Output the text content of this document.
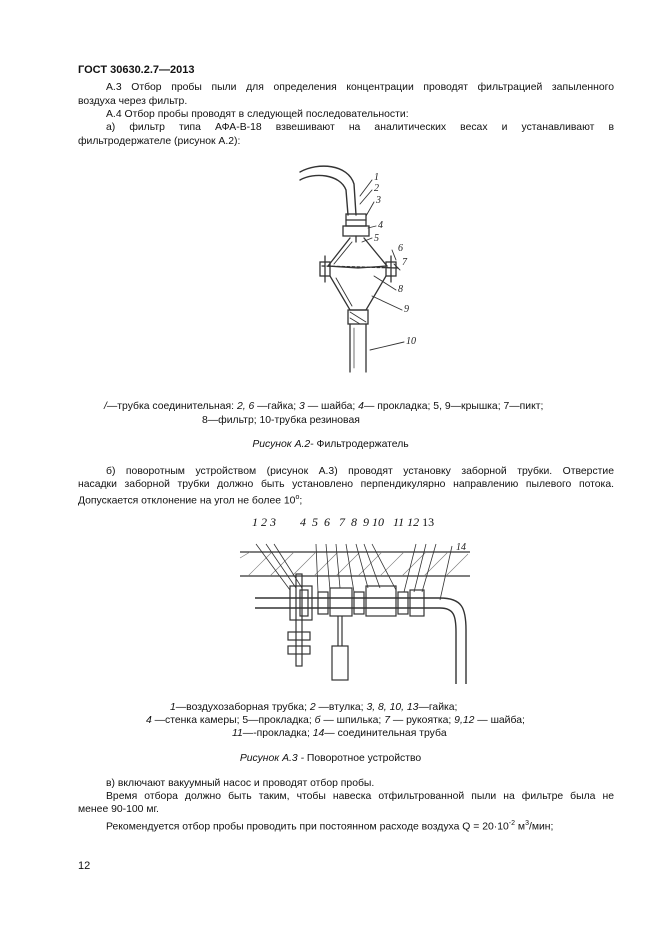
ГОСТ 30630.2.7—2013
А.3 Отбор пробы пыли для определения концентрации проводят фильтрацией запыленного
воздуха через фильтр.
А.4 Отбор пробы проводят в следующей последовательности:
а) фильтр типа АФА-В-18 взвешивают на аналитических весах и устанавливают в
фильтродержателе (рисунок А.2):
1
2
3
4
5
6
7
8
9
10
/—трубка соединительная: 2, 6 —гайка; 3 — шайба; 4— прокладка; 5, 9—крышка; 7—пикт;
8—фильтр; 10-трубка резиновая
Рисунок А.2- Фильтродержатель
б) поворотным устройством (рисунок А.3) проводят установку заборной трубки. Отверстие
насадки заборной трубки должно быть установлено перпендикулярно направлению пылевого потока.
Допускается отклонение на угол не более $10^о$;
1 2 3        4  5  6   7  8  9 10   11 12 13
14
1—воздухозаборная трубка; 2 —втулка; 3, 8, 10, 13—гайка;
4 —стенка камеры; 5—прокладка; б — шпилька; 7 — рукоятка; 9,12 — шайба;
11—-прокладка; 14— соединительная трубa
Рисунок А.3 - Поворотное устройство
в) включают вакуумный насос и проводят отбор пробы.
Время отбора должно быть таким, чтобы навеска отфильтрованной пыли на фильтре была не
менее 90-100 мг.
Рекомендуется отбор пробы проводить при постоянном расходе воздуха $Q = 20\cdot 10^{-2}$ $м^3$/мин;
12
